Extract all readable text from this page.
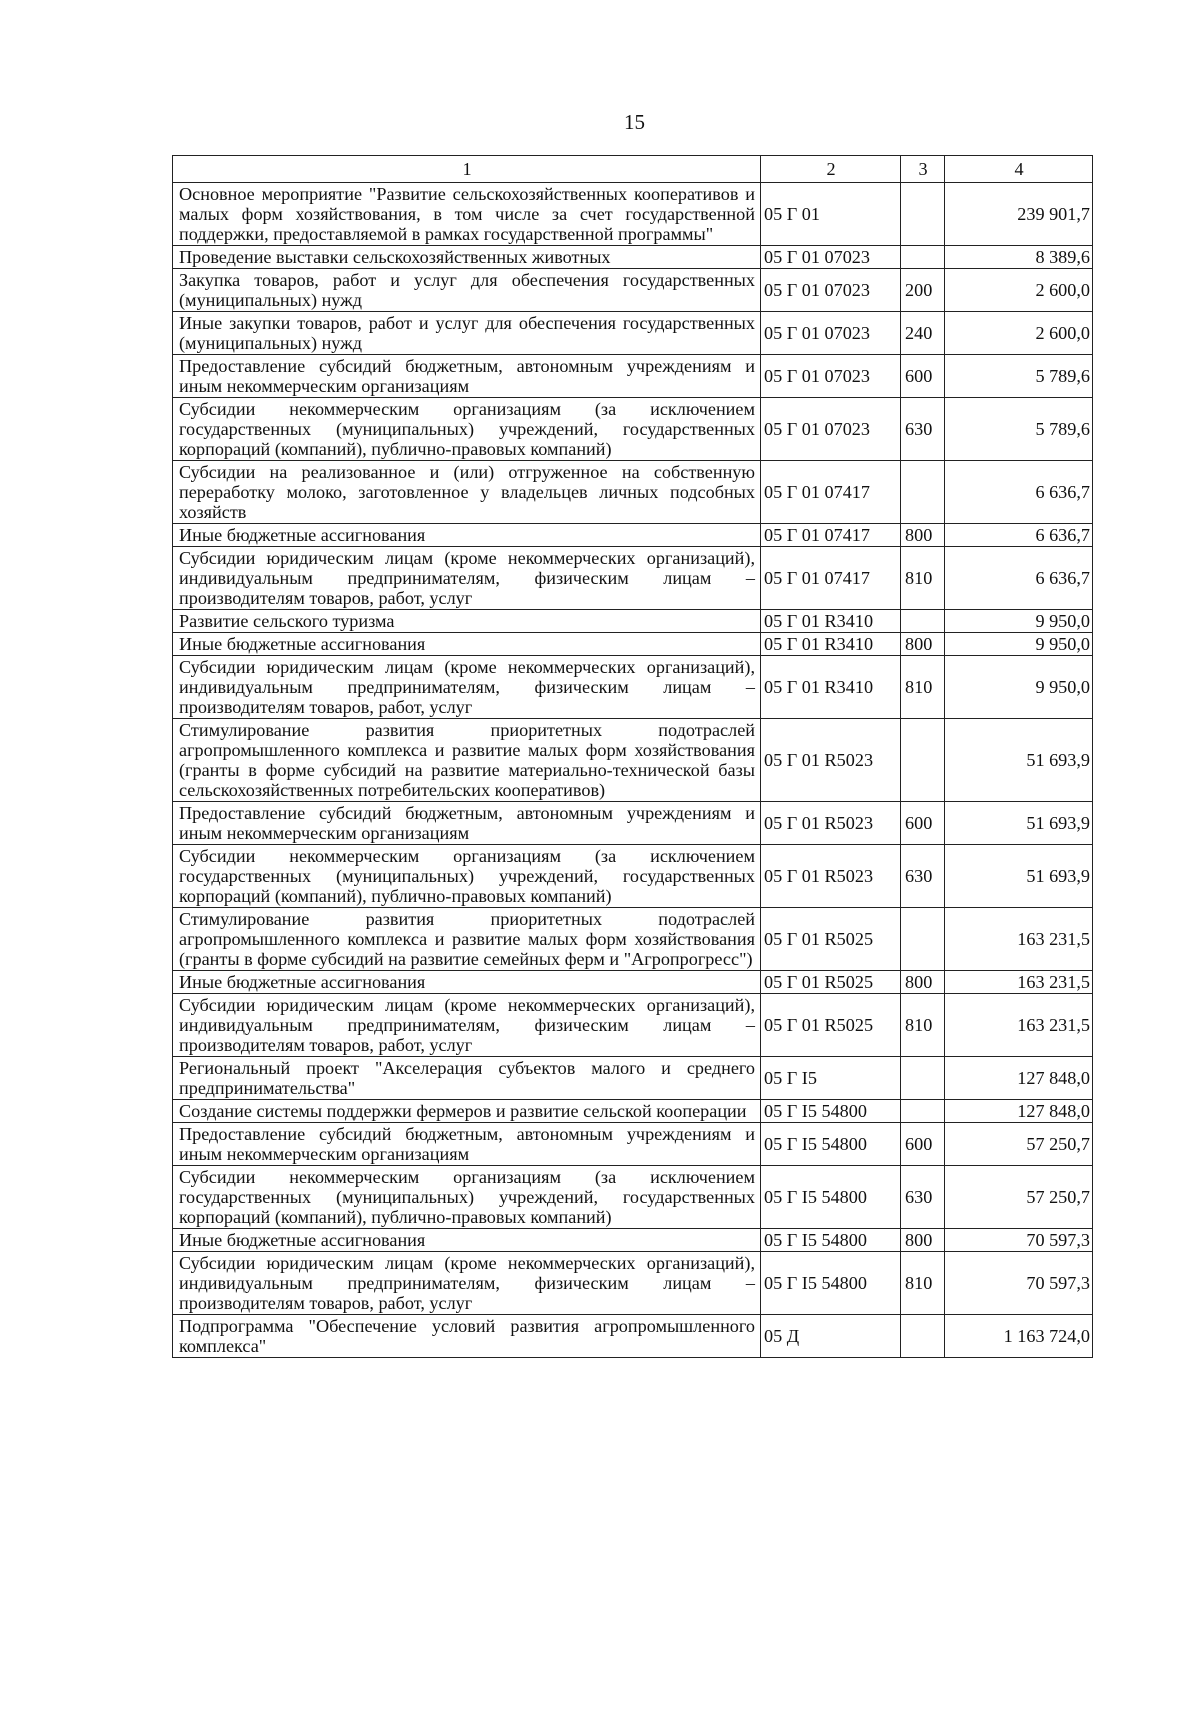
15
1	2	3	4
Основное мероприятие "Развитие сельскохозяйственных кооперативов и малых форм хозяйствования, в том числе за счет государственной поддержки, предоставляемой в рамках государственной программы"	05 Г 01		239 901,7
Проведение выставки сельскохозяйственных животных	05 Г 01 07023		8 389,6
Закупка товаров, работ и услуг для обеспечения государственных (муниципальных) нужд	05 Г 01 07023	200	2 600,0
Иные закупки товаров, работ и услуг для обеспечения государственных (муниципальных) нужд	05 Г 01 07023	240	2 600,0
Предоставление субсидий бюджетным, автономным учреждениям и иным некоммерческим организациям	05 Г 01 07023	600	5 789,6
Субсидии некоммерческим организациям (за исключением государственных (муниципальных) учреждений, государственных корпораций (компаний), публично-правовых компаний)	05 Г 01 07023	630	5 789,6
Субсидии на реализованное и (или) отгруженное на собственную переработку молоко, заготовленное у владельцев личных подсобных хозяйств	05 Г 01 07417		6 636,7
Иные бюджетные ассигнования	05 Г 01 07417	800	6 636,7
Субсидии юридическим лицам (кроме некоммерческих организаций), индивидуальным предпринимателям, физическим лицам – производителям товаров, работ, услуг	05 Г 01 07417	810	6 636,7
Развитие сельского туризма	05 Г 01 R3410		9 950,0
Иные бюджетные ассигнования	05 Г 01 R3410	800	9 950,0
Субсидии юридическим лицам (кроме некоммерческих организаций), индивидуальным предпринимателям, физическим лицам – производителям товаров, работ, услуг	05 Г 01 R3410	810	9 950,0
Стимулирование развития приоритетных подотраслей агропромышленного комплекса и развитие малых форм хозяйствования (гранты в форме субсидий на развитие материально-технической базы сельскохозяйственных потребительских кооперативов)	05 Г 01 R5023		51 693,9
Предоставление субсидий бюджетным, автономным учреждениям и иным некоммерческим организациям	05 Г 01 R5023	600	51 693,9
Субсидии некоммерческим организациям (за исключением государственных (муниципальных) учреждений, государственных корпораций (компаний), публично-правовых компаний)	05 Г 01 R5023	630	51 693,9
Стимулирование развития приоритетных подотраслей агропромышленного комплекса и развитие малых форм хозяйствования (гранты в форме субсидий на развитие семейных ферм и "Агропрогресс")	05 Г 01 R5025		163 231,5
Иные бюджетные ассигнования	05 Г 01 R5025	800	163 231,5
Субсидии юридическим лицам (кроме некоммерческих организаций), индивидуальным предпринимателям, физическим лицам – производителям товаров, работ, услуг	05 Г 01 R5025	810	163 231,5
Региональный проект "Акселерация субъектов малого и среднего предпринимательства"	05 Г I5		127 848,0
Создание системы поддержки фермеров и развитие сельской кооперации	05 Г I5 54800		127 848,0
Предоставление субсидий бюджетным, автономным учреждениям и иным некоммерческим организациям	05 Г I5 54800	600	57 250,7
Субсидии некоммерческим организациям (за исключением государственных (муниципальных) учреждений, государственных корпораций (компаний), публично-правовых компаний)	05 Г I5 54800	630	57 250,7
Иные бюджетные ассигнования	05 Г I5 54800	800	70 597,3
Субсидии юридическим лицам (кроме некоммерческих организаций), индивидуальным предпринимателям, физическим лицам – производителям товаров, работ, услуг	05 Г I5 54800	810	70 597,3
Подпрограмма "Обеспечение условий развития агропромышленного комплекса"	05 Д		1 163 724,0
